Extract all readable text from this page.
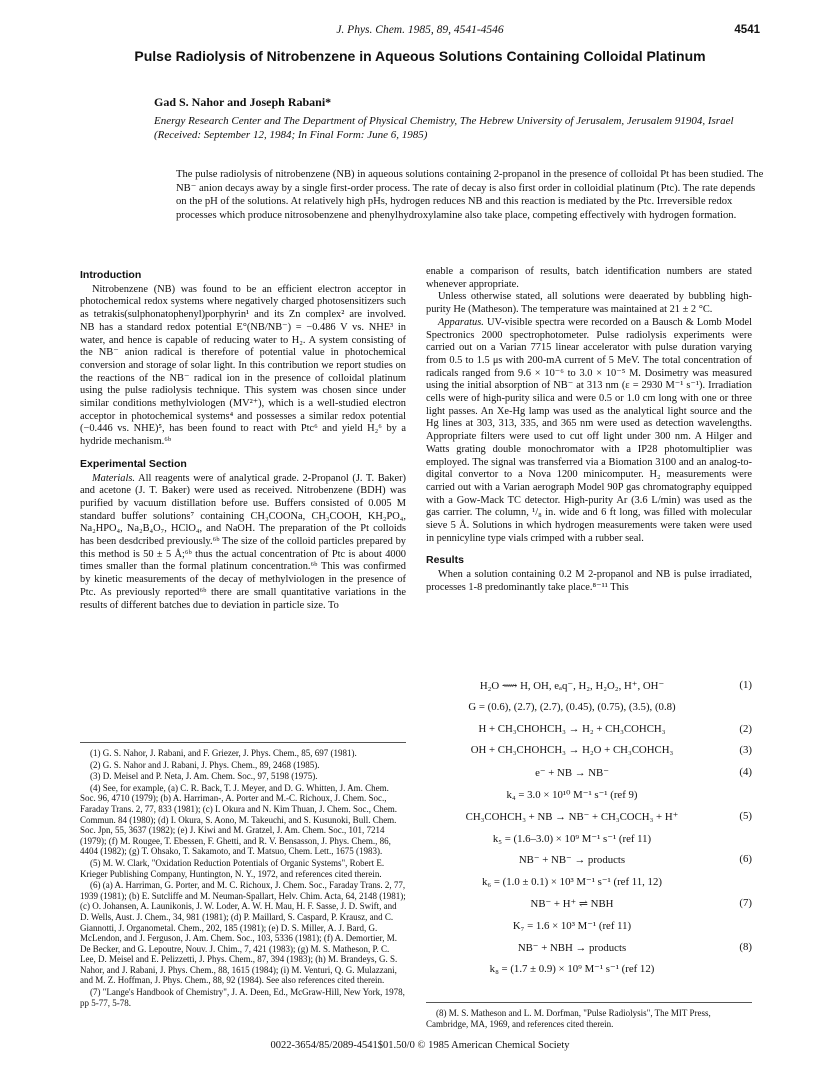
J. Phys. Chem. 1985, 89, 4541-4546	4541
Pulse Radiolysis of Nitrobenzene in Aqueous Solutions Containing Colloidal Platinum
Gad S. Nahor and Joseph Rabani*
Energy Research Center and The Department of Physical Chemistry, The Hebrew University of Jerusalem, Jerusalem 91904, Israel (Received: September 12, 1984; In Final Form: June 6, 1985)
The pulse radiolysis of nitrobenzene (NB) in aqueous solutions containing 2-propanol in the presence of colloidal Pt has been studied. The NB⁻ anion decays away by a single first-order process. The rate of decay is also first order in colloidial platinum (Ptc). The rate depends on the pH of the solutions. At relatively high pHs, hydrogen reduces NB and this reaction is mediated by the Ptc. Irreversible redox processes which produce nitrosobenzene and phenylhydroxylamine also take place, competing effectively with hydrogen formation.
Introduction

Nitrobenzene (NB) was found to be an efficient electron acceptor in photochemical redox systems where negatively charged photosensitizers such as tetrakis(sulphonatophenyl)porphyrin¹ and its Zn complex² are involved. NB has a standard redox potential E°(NB/NB⁻) = −0.486 V vs. NHE³ in water, and hence is capable of reducing water to H₂. A system consisting of the NB⁻ anion radical is therefore of potential value in photochemical conversion and storage of solar light. In this contribution we report studies on the reactions of the NB⁻ radical ion in the presence of colloidal platinum using the pulse radiolysis technique. This system was chosen since under similar conditions methylviologen (MV²⁺), which is a well-studied electron acceptor in photochemical systems⁴ and possesses a similar redox potential (−0.446 vs. NHE)⁵, has been found to react with Ptc⁶ and yield H₂⁶ by a hydride mechanism.⁶ᵇ

Experimental Section

Materials. All reagents were of analytical grade. 2-Propanol (J. T. Baker) and acetone (J. T. Baker) were used as received. Nitrobenzene (BDH) was purified by vacuum distillation before use. Buffers consisted of 0.005 M standard buffer solutions⁷ containing CH₃COONa, CH₃COOH, KH₂PO₄, Na₂HPO₄, Na₂B₄O₇, HClO₄, and NaOH. The preparation of the Pt colloids has been desdcribed previously.⁶ᵇ The size of the colloid particles prepared by this method is 50 ± 5 Å;⁶ᵇ thus the actual concentration of Ptc is about 4000 times smaller than the formal platinum concentration.⁶ᵇ This was confirmed by kinetic measurements of the decay of methylviologen in the presence of Ptc. As previously reported⁶ᵇ there are small quantitative variations in the results of different batches due to deviation in particle size. To

(1) G. S. Nahor, J. Rabani, and F. Griezer, J. Phys. Chem., 85, 697 (1981).
(2) G. S. Nahor and J. Rabani, J. Phys. Chem., 89, 2468 (1985).
(3) D. Meisel and P. Neta, J. Am. Chem. Soc., 97, 5198 (1975).
(4) See, for example, (a) C. R. Back, T. J. Meyer, and D. G. Whitten, J. Am. Chem. Soc. 96, 4710 (1979); (b) A. Harriman-, A. Porter and M.-C. Richoux, J. Chem. Soc., Faraday Trans. 2, 77, 833 (1981); (c) I. Okura and N. Kim Thuan, J. Chem. Soc., Chem. Commun. 84 (1980); (d) I. Okura, S. Aono, M. Takeuchi, and S. Kusunoki, Bull. Chem. Soc. Jpn, 55, 3637 (1982); (e) J. Kiwi and M. Gratzel, J. Am. Chem. Soc., 101, 7214 (1979); (f) M. Rougee, T. Ebessen, F. Ghetti, and R. V. Bensasson, J. Phys. Chem., 86, 4404 (1982); (g) T. Ohsako, T. Sakamoto, and T. Matsuo, Chem. Lett., 1675 (1983).
(5) M. W. Clark, "Oxidation Reduction Potentials of Organic Systems", Robert E. Krieger Publishing Company, Huntington, N. Y., 1972, and references cited therein.
(6) (a) A. Harriman, G. Porter, and M. C. Richoux, J. Chem. Soc., Faraday Trans. 2, 77, 1939 (1981); (b) E. Sutcliffe and M. Neuman-Spallart, Helv. Chim. Acta, 64, 2148 (1981); (c) O. Johansen, A. Launikonis, J. W. Loder, A. W. H. Mau, H. F. Sasse, J. D. Swift, and D. Wells, Aust. J. Chem., 34, 981 (1981); (d) P. Maillard, S. Caspard, P. Krausz, and C. Giannotti, J. Organometal. Chem., 202, 185 (1981); (e) D. S. Miller, A. J. Bard, G. McLendon, and J. Ferguson, J. Am. Chem. Soc., 103, 5336 (1981); (f) A. Demortier, M. De Becker, and G. Lepoutre, Nouv. J. Chim., 7, 421 (1983); (g) M. S. Matheson, P. C. Lee, D. Meisel and E. Pelizzetti, J. Phys. Chem., 87, 394 (1983); (h) M. Brandeys, G. S. Nahor, and J. Rabani, J. Phys. Chem., 88, 1615 (1984); (i) M. Venturi, Q. G. Mulazzani, and M. Z. Hoffman, J. Phys. Chem., 88, 92 (1984). See also references cited therein.
(7) "Lange's Handbook of Chemistry", J. A. Deen, Ed., McGraw-Hill, New York, 1978, pp 5-77, 5-78.

enable a comparison of results, batch identification numbers are stated whenever appropriate.

Unless otherwise stated, all solutions were deaerated by bubbling high-purity He (Matheson). The temperature was maintained at 21 ± 2 °C.

Apparatus. UV-visible spectra were recorded on a Bausch & Lomb Model Spectronics 2000 spectrophotometer. Pulse radiolysis experiments were carried out on a Varian 7715 linear accelerator with pulse duration varying from 0.5 to 1.5 μs with 200-mA current of 5 MeV. The total concentration of radicals ranged from 9.6 × 10⁻⁶ to 3.0 × 10⁻⁵ M. Dosimetry was measured using the initial absorption of NB⁻ at 313 nm (ε = 2930 M⁻¹ s⁻¹). Irradiation cells were of high-purity silica and were 0.5 or 1.0 cm long with one or three light passes. An Xe-Hg lamp was used as the analytical light source and the Hg lines at 303, 313, 335, and 365 nm were used as detection wavelengths. Appropriate filters were used to cut off light under 300 nm. A Hilger and Watts grating double monochromator with a IP28 photomultiplier was employed. The signal was transferred via a Biomation 3100 and an analog-to-digital convertor to a Nova 1200 minicomputer. H₂ measurements were carried out with a Varian aerograph Model 90P gas chromatography equipped with a Gow-Mack TC detector. High-purity Ar (3.6 L/min) was used as the gas carrier. The column, ¹/₈ in. wide and 6 ft long, was filled with molecular sieve 5 Å. Solutions in which hydrogen measurements were taken were used in pennicyline type vials crimped with a rubber seal.

Results

When a solution containing 0.2 M 2-propanol and NB is pulse irradiated, processes 1-8 predominantly take place.⁸⁻¹¹ This

H₂O ⟿ H, OH, eₐq⁻, H₂, H₂O₂, H⁺, OH⁻	(1)
G = (0.6), (2.7), (2.7), (0.45), (0.75), (3.5), (0.8)
H + CH₃CHOHCH₃ → H₂ + CH₃COHCH₃	(2)
OH + CH₃CHOHCH₃ → H₂O + CH₃COHCH₃	(3)
e⁻ + NB → NB⁻	(4)
k₄ = 3.0 × 10¹⁰ M⁻¹ s⁻¹ (ref 9)
CH₃COHCH₃ + NB → NB⁻ + CH₃COCH₃ + H⁺	(5)
k₅ = (1.6–3.0) × 10⁹ M⁻¹ s⁻¹ (ref 11)
NB⁻ + NB⁻ → products	(6)
k₆ = (1.0 ± 0.1) × 10³ M⁻¹ s⁻¹ (ref 11, 12)
NB⁻ + H⁺ ⇌ NBH	(7)
K₇ = 1.6 × 10³ M⁻¹ (ref 11)
NB⁻ + NBH → products	(8)
k₈ = (1.7 ± 0.9) × 10⁹ M⁻¹ s⁻¹ (ref 12)
(8) M. S. Matheson and L. M. Dorfman, "Pulse Radiolysis", The MIT Press, Cambridge, MA, 1969, and references cited therein.
0022-3654/85/2089-4541$01.50/0 © 1985 American Chemical Society
